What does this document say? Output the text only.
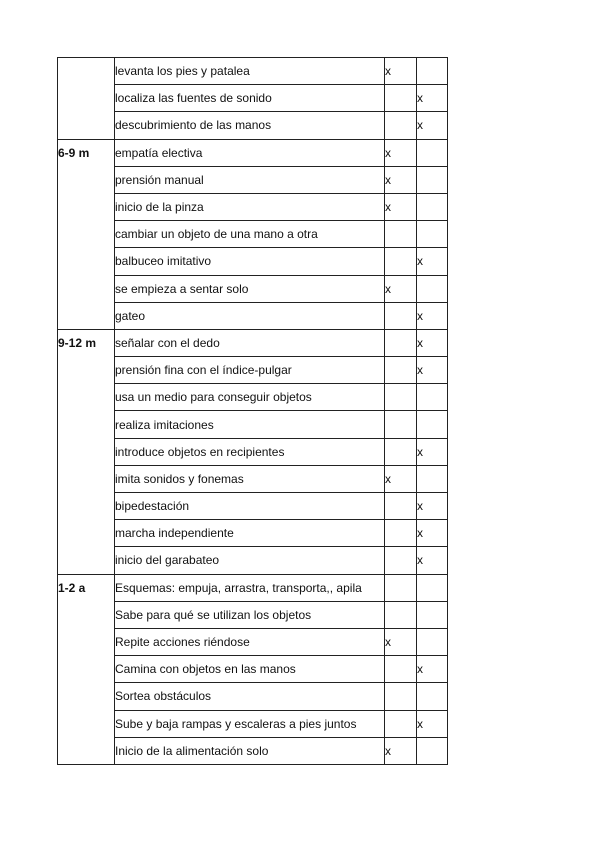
	levanta los pies y patalea	x	
	localiza las fuentes de sonido		x
	descubrimiento de las manos		x
6-9 m	empatía electiva	x	
	prensión manual	x	
	inicio de la pinza	x	
	cambiar un objeto de una mano a otra		
	balbuceo imitativo		x
	se empieza a sentar solo	x	
	gateo		x
9-12 m	señalar con el dedo		x
	prensión fina con el índice-pulgar		x
	usa un medio para conseguir objetos		
	realiza imitaciones		
	introduce objetos en recipientes		x
	imita sonidos y fonemas	x	
	bipedestación		x
	marcha independiente		x
	inicio del garabateo		x
1-2 a	Esquemas: empuja, arrastra, transporta,, apila		
	Sabe para qué se utilizan los objetos		
	Repite acciones riéndose	x	
	Camina con objetos en las manos		x
	Sortea obstáculos		
	Sube y baja rampas y escaleras a pies juntos		x
	Inicio de la alimentación solo	x	
